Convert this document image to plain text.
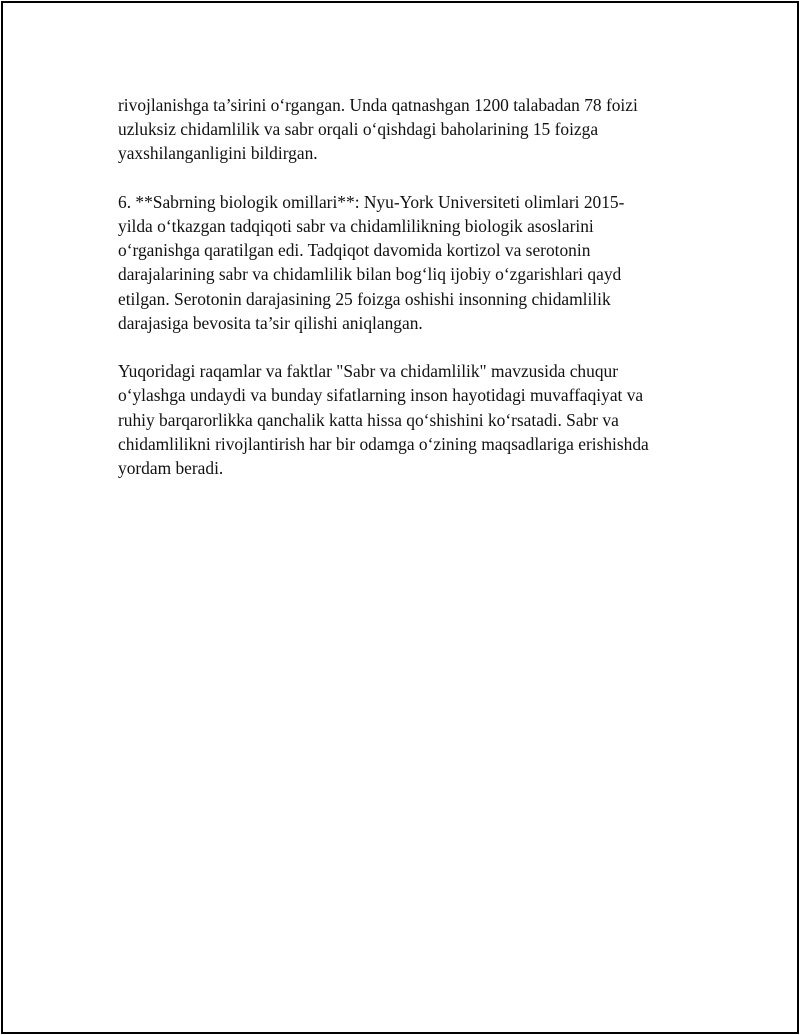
rivojlanishga ta’sirini o‘rgangan. Unda qatnashgan 1200 talabadan 78 foizi
uzluksiz chidamlilik va sabr orqali o‘qishdagi baholarining 15 foizga
yaxshilanganligini bildirgan.

6. **Sabrning biologik omillari**: Nyu-York Universiteti olimlari 2015-
yilda o‘tkazgan tadqiqoti sabr va chidamlilikning biologik asoslarini
o‘rganishga qaratilgan edi. Tadqiqot davomida kortizol va serotonin
darajalarining sabr va chidamlilik bilan bog‘liq ijobiy o‘zgarishlari qayd
etilgan. Serotonin darajasining 25 foizga oshishi insonning chidamlilik
darajasiga bevosita ta’sir qilishi aniqlangan.

Yuqoridagi raqamlar va faktlar "Sabr va chidamlilik" mavzusida chuqur
o‘ylashga undaydi va bunday sifatlarning inson hayotidagi muvaffaqiyat va
ruhiy barqarorlikka qanchalik katta hissa qo‘shishini ko‘rsatadi. Sabr va
chidamlilikni rivojlantirish har bir odamga o‘zining maqsadlariga erishishda
yordam beradi.
